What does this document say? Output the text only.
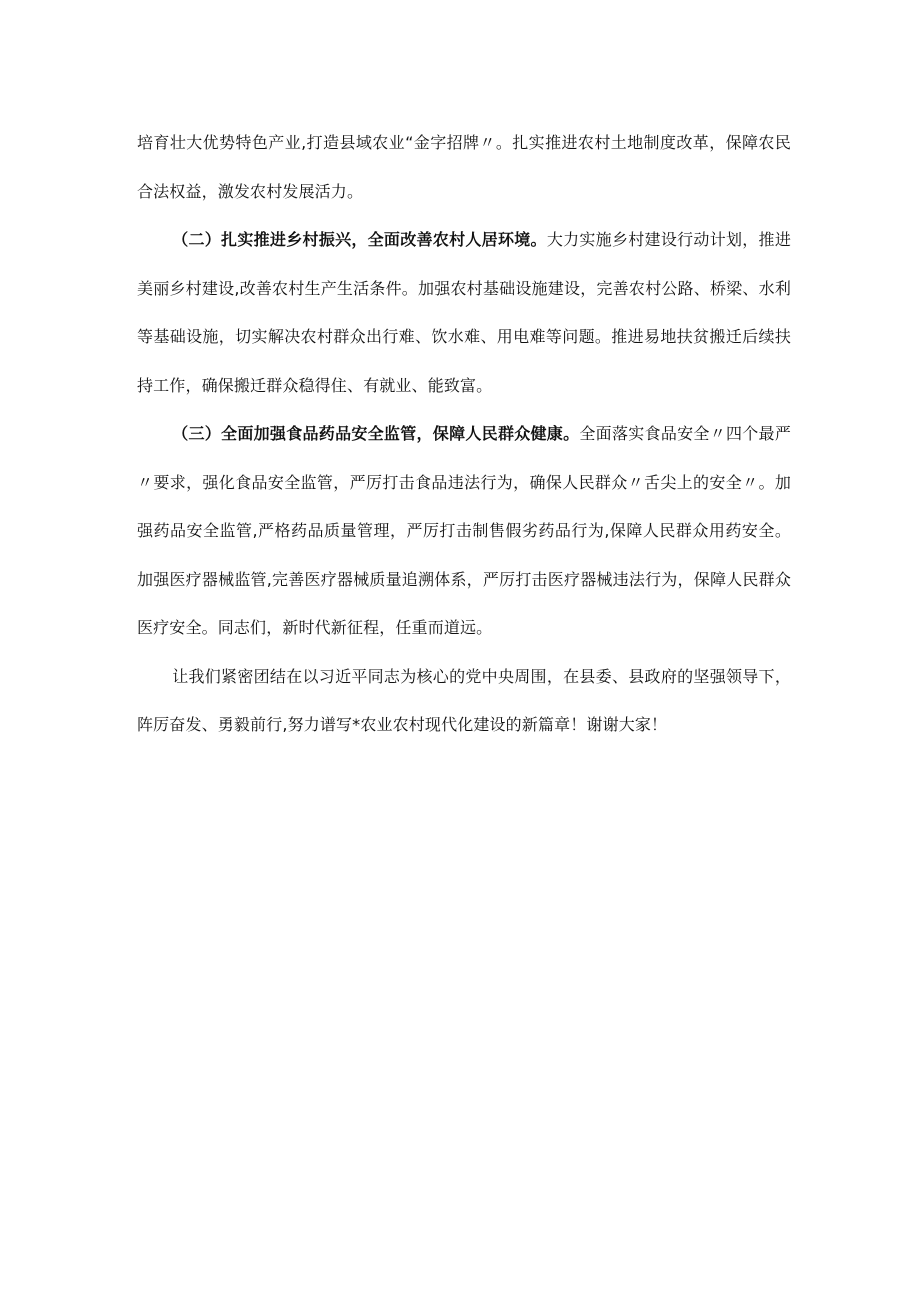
培育壮大优势特色产业,打造县域农业“金字招牌〃。扎实推进农村土地制度改革，保障农民合法权益，激发农村发展活力。

（二）扎实推进乡村振兴，全面改善农村人居环境。大力实施乡村建设行动计划，推进美丽乡村建设,改善农村生产生活条件。加强农村基础设施建设，完善农村公路、桥梁、水利等基础设施，切实解决农村群众出行难、饮水难、用电难等问题。推进易地扶贫搬迁后续扶持工作，确保搬迁群众稳得住、有就业、能致富。

（三）全面加强食品药品安全监管，保障人民群众健康。全面落实食品安全〃四个最严〃要求，强化食品安全监管，严厉打击食品违法行为，确保人民群众〃舌尖上的安全〃。加强药品安全监管,严格药品质量管理，严厉打击制售假劣药品行为,保障人民群众用药安全。加强医疗器械监管,完善医疗器械质量追溯体系，严厉打击医疗器械违法行为，保障人民群众医疗安全。同志们，新时代新征程，任重而道远。

让我们紧密团结在以习近平同志为核心的党中央周围，在县委、县政府的坚强领导下，阵厉奋发、勇毅前行,努力谱写*农业农村现代化建设的新篇章！谢谢大家！
